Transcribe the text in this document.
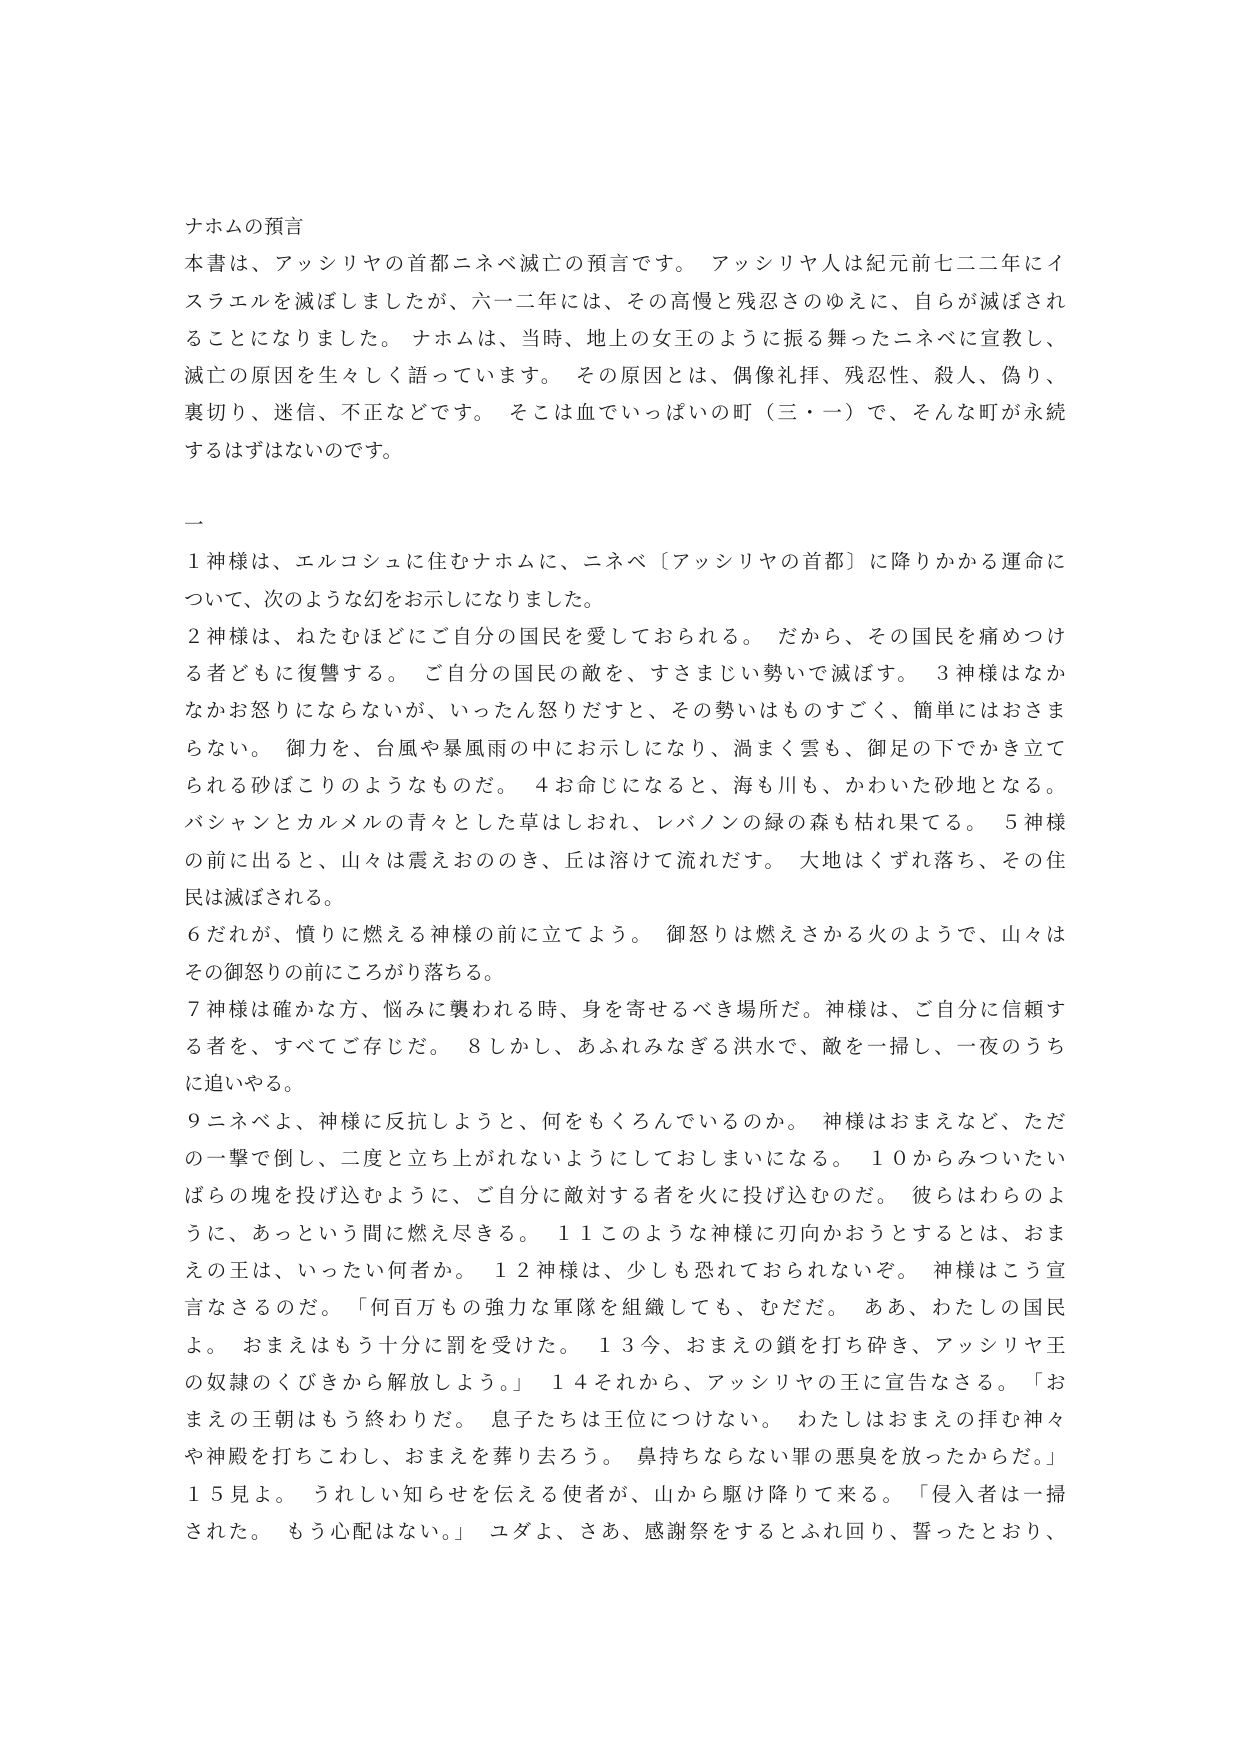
ナホムの預言
本書は、アッシリヤの首都ニネベ滅亡の預言です。　アッシリヤ人は紀元前七二二年にイ
スラエルを滅ぼしましたが、六一二年には、その高慢と残忍さのゆえに、自らが滅ぼされ
ることになりました。 ナホムは、当時、地上の女王のように振る舞ったニネベに宣教し、
滅亡の原因を生々しく語っています。　その原因とは、偶像礼拝、残忍性、殺人、偽り、
裏切り、迷信、不正などです。　そこは血でいっぱいの町（三・一）で、そんな町が永続
するはずはないのです。
一
１神様は、エルコシュに住むナホムに、ニネベ〔アッシリヤの首都〕に降りかかる運命に
ついて、次のような幻をお示しになりました。
２神様は、ねたむほどにご自分の国民を愛しておられる。　だから、その国民を痛めつけ
る者どもに復讐する。　ご自分の国民の敵を、すさまじい勢いで滅ぼす。　３神様はなか
なかお怒りにならないが、いったん怒りだすと、その勢いはものすごく、簡単にはおさま
らない。　御力を、台風や暴風雨の中にお示しになり、渦まく雲も、御足の下でかき立て
られる砂ぼこりのようなものだ。　４お命じになると、海も川も、かわいた砂地となる。
バシャンとカルメルの青々とした草はしおれ、レバノンの緑の森も枯れ果てる。　５神様
の前に出ると、山々は震えおののき、丘は溶けて流れだす。　大地はくずれ落ち、その住
民は滅ぼされる。
６だれが、憤りに燃える神様の前に立てよう。　御怒りは燃えさかる火のようで、山々は
その御怒りの前にころがり落ちる。
７神様は確かな方、悩みに襲われる時、身を寄せるべき場所だ。神様は、ご自分に信頼す
る者を、すべてご存じだ。　８しかし、あふれみなぎる洪水で、敵を一掃し、一夜のうち
に追いやる。
９ニネベよ、神様に反抗しようと、何をもくろんでいるのか。　神様はおまえなど、ただ
の一撃で倒し、二度と立ち上がれないようにしておしまいになる。　１０からみついたい
ばらの塊を投げ込むように、ご自分に敵対する者を火に投げ込むのだ。　彼らはわらのよ
うに、あっという間に燃え尽きる。　１１このような神様に刃向かおうとするとは、おま
えの王は、いったい何者か。　１２神様は、少しも恐れておられないぞ。　神様はこう宣
言なさるのだ。　「何百万もの強力な軍隊を組織しても、むだだ。　ああ、わたしの国民
よ。　おまえはもう十分に罰を受けた。　１３今、おまえの鎖を打ち砕き、アッシリヤ王
の奴隷のくびきから解放しよう。」　１４それから、アッシリヤの王に宣告なさる。　「お
まえの王朝はもう終わりだ。　息子たちは王位につけない。　わたしはおまえの拝む神々
や神殿を打ちこわし、おまえを葬り去ろう。　鼻持ちならない罪の悪臭を放ったからだ。」
１５見よ。　うれしい知らせを伝える使者が、山から駆け降りて来る。　「侵入者は一掃
された。　もう心配はない。」　ユダよ、さあ、感謝祭をするとふれ回り、誓ったとおり、
